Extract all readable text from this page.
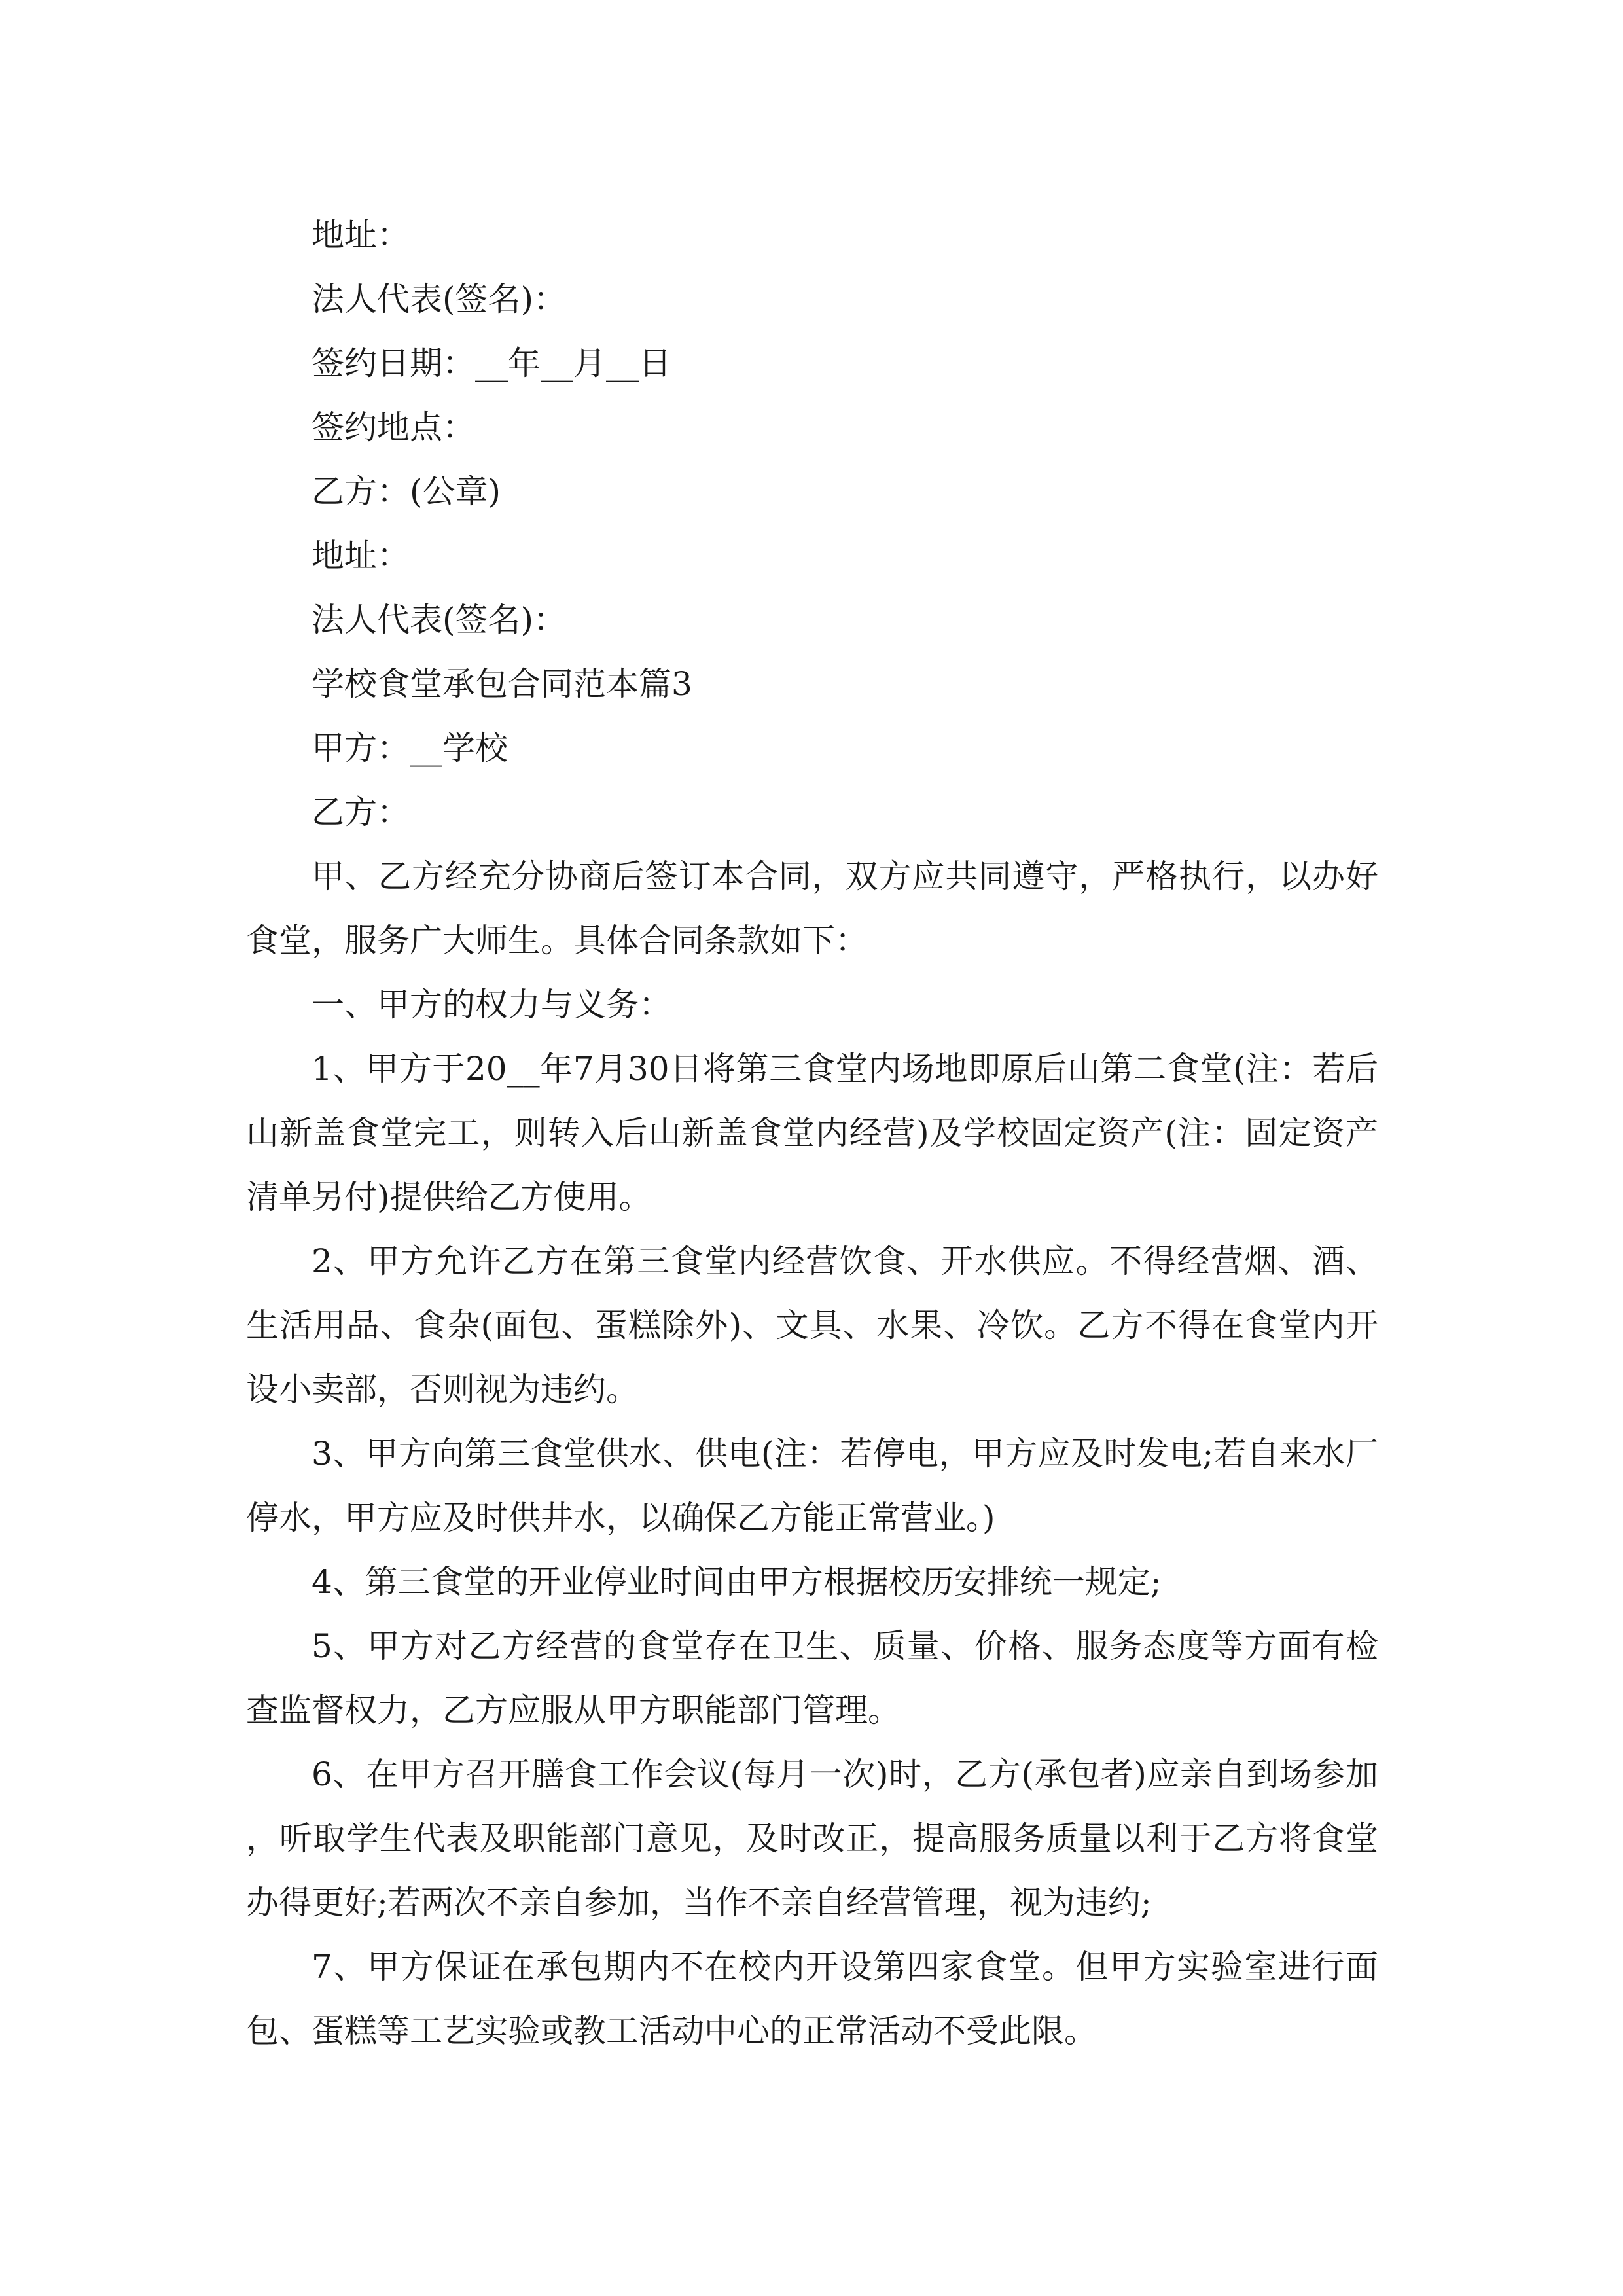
地址：

法人代表(签名)：

签约日期：__年__月__日

签约地点：

乙方：(公章)

地址：

法人代表(签名)：

学校食堂承包合同范本篇3

甲方：__学校

乙方：

甲、乙方经充分协商后签订本合同，双方应共同遵守，严格执行，以办好食堂，服务广大师生。具体合同条款如下：

一、甲方的权力与义务：

1、甲方于20__年7月30日将第三食堂内场地即原后山第二食堂(注：若后山新盖食堂完工，则转入后山新盖食堂内经营)及学校固定资产(注：固定资产清单另付)提供给乙方使用。

2、甲方允许乙方在第三食堂内经营饮食、开水供应。不得经营烟、酒、生活用品、食杂(面包、蛋糕除外)、文具、水果、冷饮。乙方不得在食堂内开设小卖部，否则视为违约。

3、甲方向第三食堂供水、供电(注：若停电，甲方应及时发电;若自来水厂停水，甲方应及时供井水，以确保乙方能正常营业。)

4、第三食堂的开业停业时间由甲方根据校历安排统一规定;

5、甲方对乙方经营的食堂存在卫生、质量、价格、服务态度等方面有检查监督权力，乙方应服从甲方职能部门管理。

6、在甲方召开膳食工作会议(每月一次)时，乙方(承包者)应亲自到场参加，听取学生代表及职能部门意见，及时改正，提高服务质量以利于乙方将食堂办得更好;若两次不亲自参加，当作不亲自经营管理，视为违约;

7、甲方保证在承包期内不在校内开设第四家食堂。但甲方实验室进行面包、蛋糕等工艺实验或教工活动中心的正常活动不受此限。
